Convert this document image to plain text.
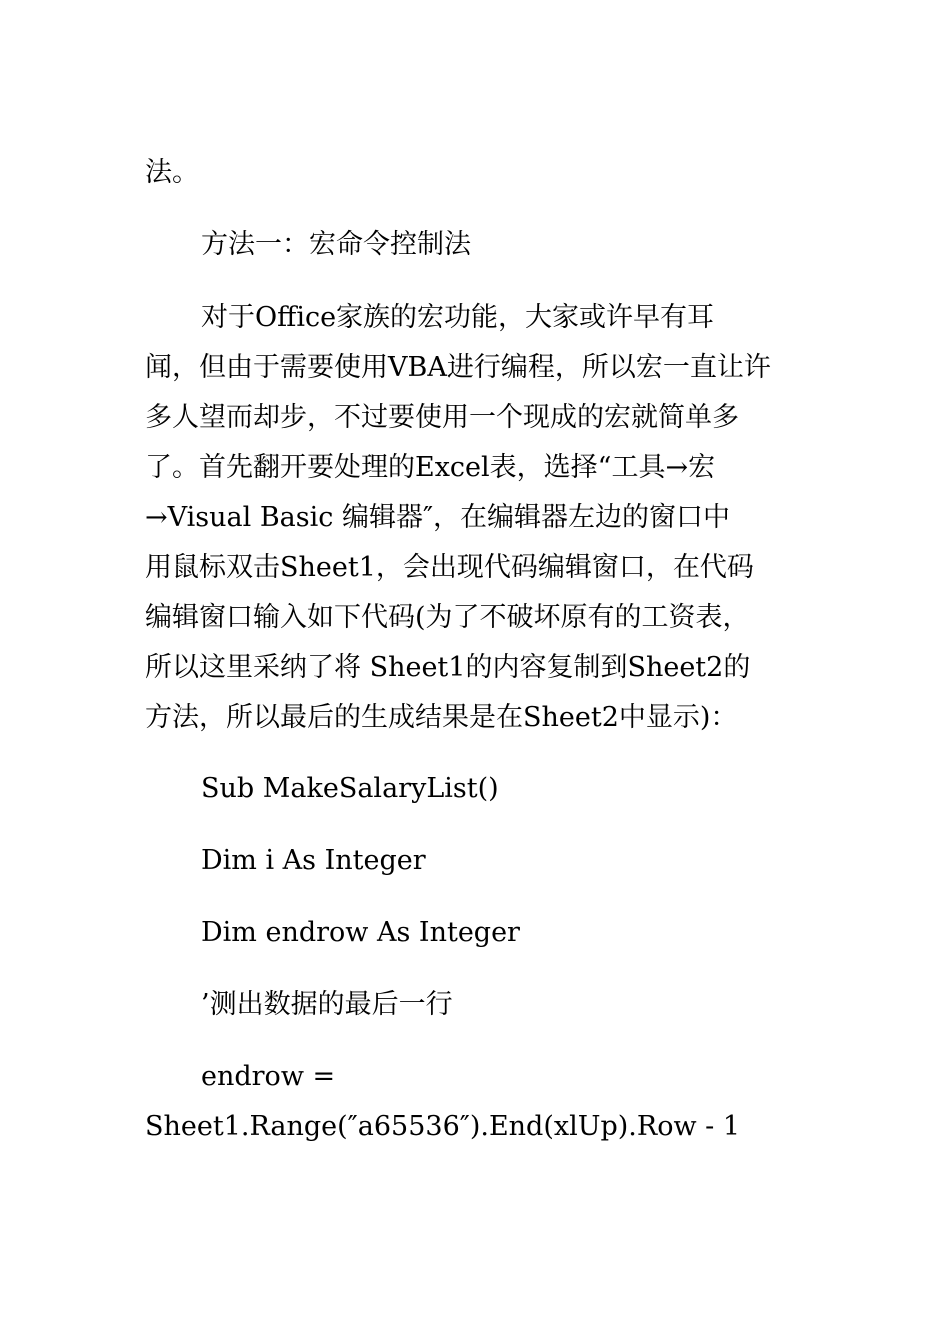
法。
方法一：宏命令控制法
对于Office家族的宏功能，大家或许早有耳
闻，但由于需要使用VBA进行编程，所以宏一直让许
多人望而却步，不过要使用一个现成的宏就简单多
了。首先翻开要处理的Excel表，选择“工具→宏
→Visual Basic 编辑器″，在编辑器左边的窗口中
用鼠标双击Sheet1，会出现代码编辑窗口，在代码
编辑窗口输入如下代码(为了不破坏原有的工资表，
所以这里采纳了将 Sheet1的内容复制到Sheet2的
方法，所以最后的生成结果是在Sheet2中显示)：
Sub MakeSalaryList()
Dim i As Integer
Dim endrow As Integer
’测出数据的最后一行
endrow =
Sheet1.Range(″a65536″).End(xlUp).Row - 1
